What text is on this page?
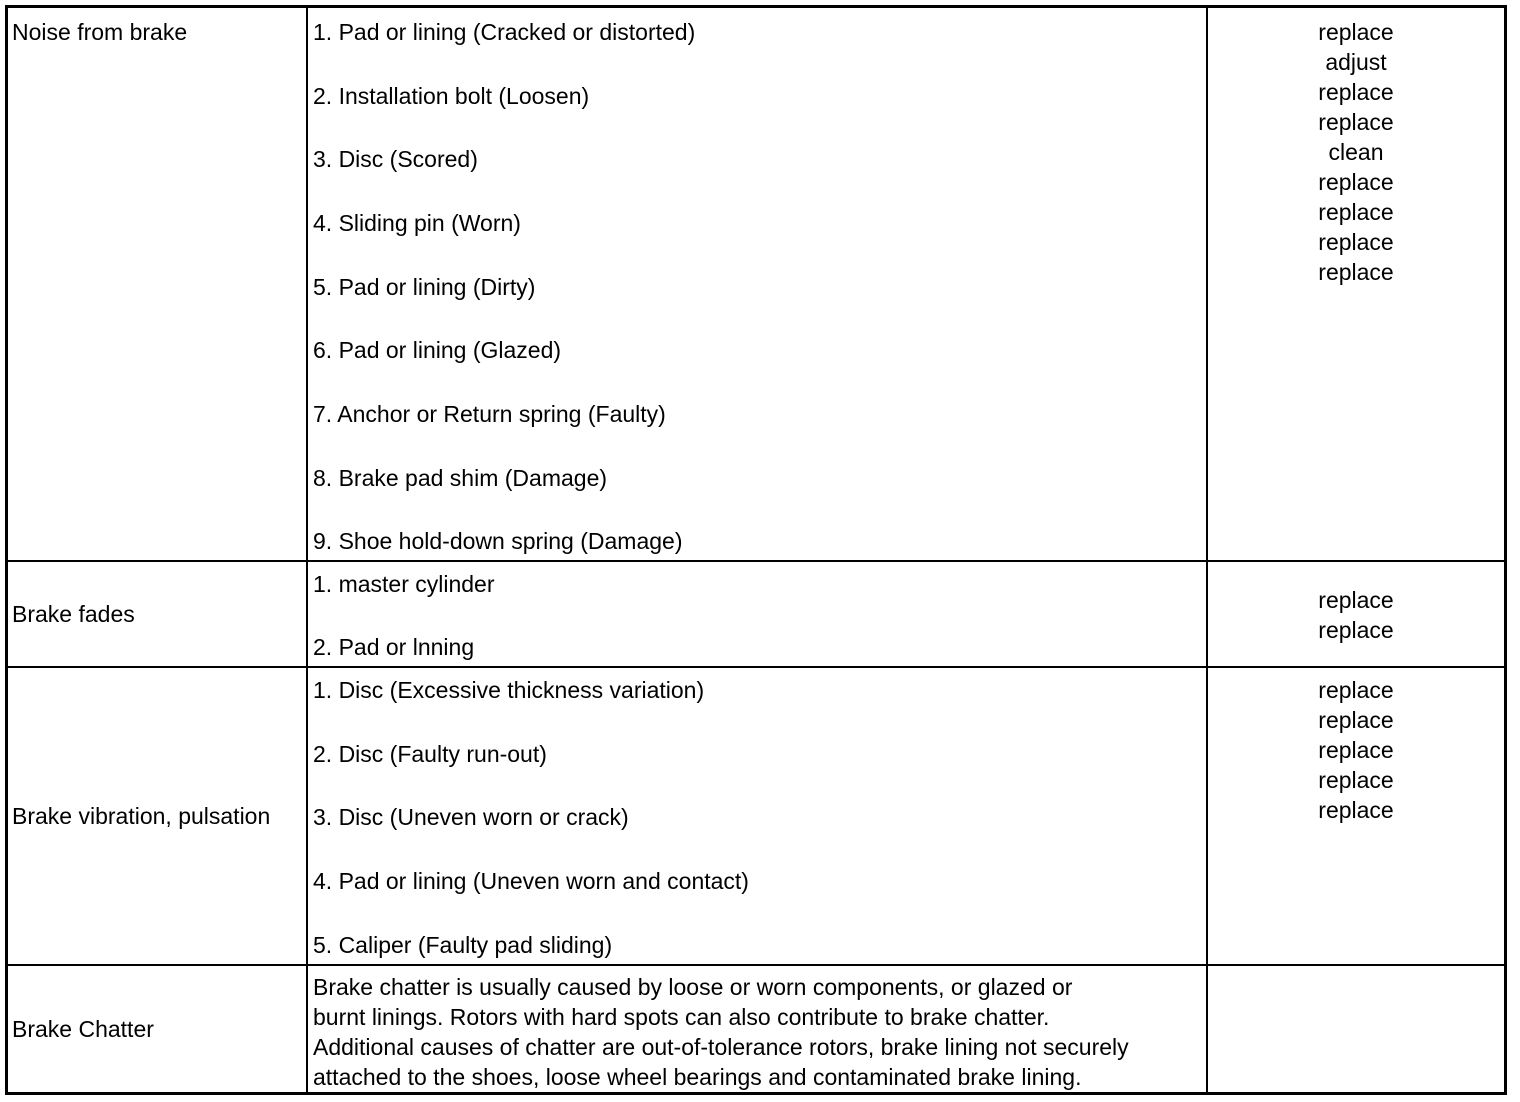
Noise from brake	1. Pad or lining (Cracked or distorted)
2. Installation bolt (Loosen)
3. Disc (Scored)
4. Sliding pin (Worn)
5. Pad or lining (Dirty)
6. Pad or lining (Glazed)
7. Anchor or Return spring (Faulty)
8. Brake pad shim (Damage)
9. Shoe hold-down spring (Damage)
replace
adjust
replace
replace
clean
replace
replace
replace
replace
Brake fades
1. master cylinder
2. Pad or lnning
replace
replace
Brake vibration, pulsation
1. Disc (Excessive thickness variation)
2. Disc (Faulty run-out)
3. Disc (Uneven worn or crack)
4. Pad or lining (Uneven worn and contact)
5. Caliper (Faulty pad sliding)
replace
replace
replace
replace
replace
Brake Chatter
Brake chatter is usually caused by loose or worn components, or glazed or
burnt linings. Rotors with hard spots can also contribute to brake chatter.
Additional causes of chatter are out-of-tolerance rotors, brake lining not securely
attached to the shoes, loose wheel bearings and contaminated brake lining.
